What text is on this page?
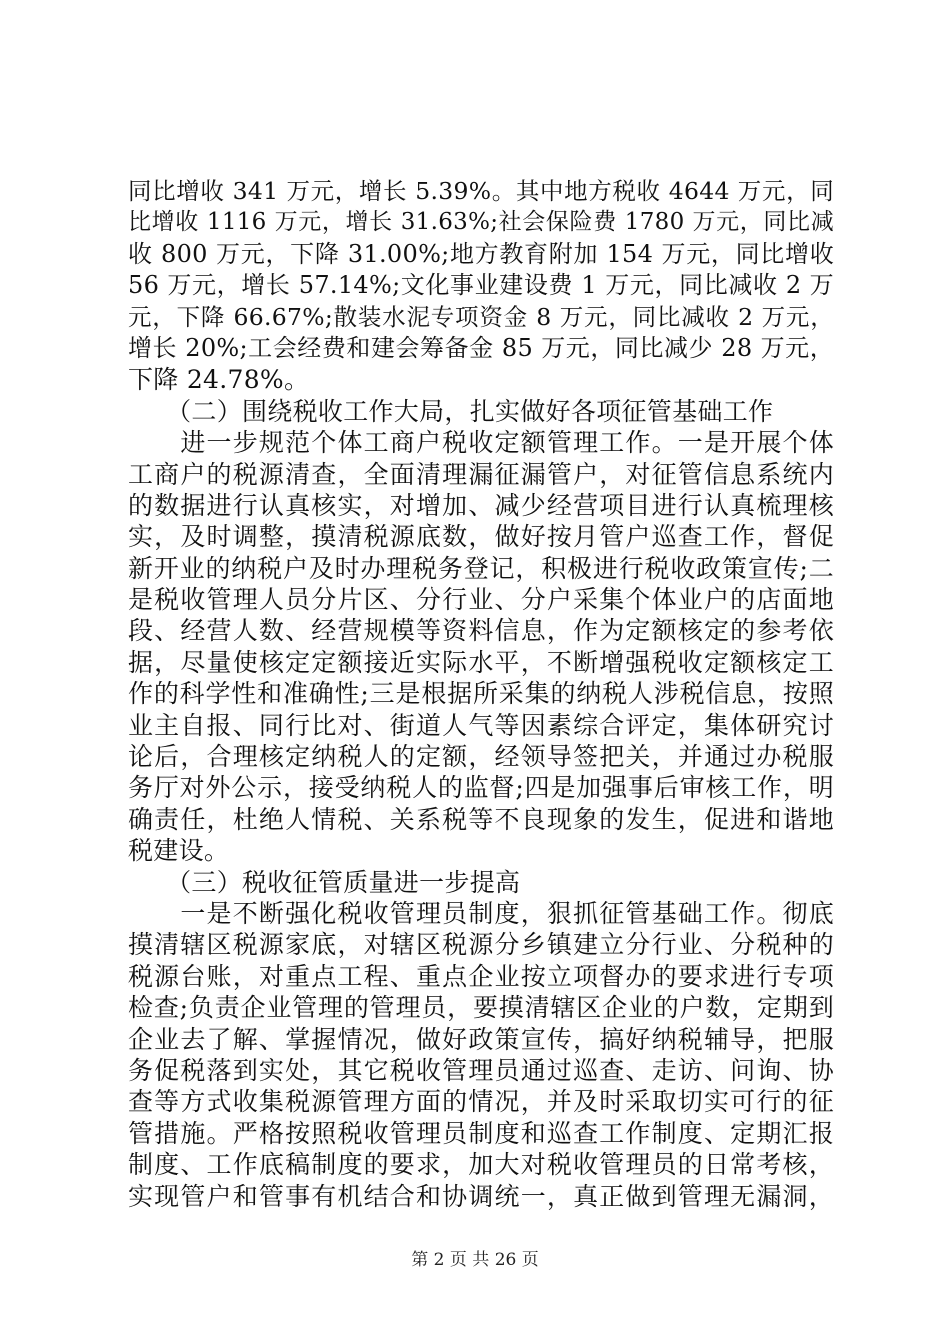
同比增收 341 万元，增长 5.39%。其中地方税收 4644 万元，同
比增收 1116 万元，增长 31.63%;社会保险费 1780 万元，同比减
收 800 万元，下降 31.00%;地方教育附加 154 万元，同比增收
56 万元，增长 57.14%;文化事业建设费 1 万元，同比减收 2 万
元，下降 66.67%;散装水泥专项资金 8 万元，同比减收 2 万元，
增长 20%;工会经费和建会筹备金 85 万元，同比减少 28 万元，
下降 24.78%。
　　（二）围绕税收工作大局，扎实做好各项征管基础工作
　　进一步规范个体工商户税收定额管理工作。一是开展个体
工商户的税源清查，全面清理漏征漏管户，对征管信息系统内
的数据进行认真核实，对增加、减少经营项目进行认真梳理核
实，及时调整，摸清税源底数，做好按月管户巡查工作，督促
新开业的纳税户及时办理税务登记，积极进行税收政策宣传;二
是税收管理人员分片区、分行业、分户采集个体业户的店面地
段、经营人数、经营规模等资料信息，作为定额核定的参考依
据，尽量使核定定额接近实际水平，不断增强税收定额核定工
作的科学性和准确性;三是根据所采集的纳税人涉税信息，按照
业主自报、同行比对、街道人气等因素综合评定，集体研究讨
论后，合理核定纳税人的定额，经领导签把关，并通过办税服
务厅对外公示，接受纳税人的监督;四是加强事后审核工作，明
确责任，杜绝人情税、关系税等不良现象的发生，促进和谐地
税建设。
　　（三）税收征管质量进一步提高
　　一是不断强化税收管理员制度，狠抓征管基础工作。彻底
摸清辖区税源家底，对辖区税源分乡镇建立分行业、分税种的
税源台账，对重点工程、重点企业按立项督办的要求进行专项
检查;负责企业管理的管理员，要摸清辖区企业的户数，定期到
企业去了解、掌握情况，做好政策宣传，搞好纳税辅导，把服
务促税落到实处，其它税收管理员通过巡查、走访、问询、协
查等方式收集税源管理方面的情况，并及时采取切实可行的征
管措施。严格按照税收管理员制度和巡查工作制度、定期汇报
制度、工作底稿制度的要求，加大对税收管理员的日常考核，
实现管户和管事有机结合和协调统一，真正做到管理无漏洞，
第 2 页 共 26 页
